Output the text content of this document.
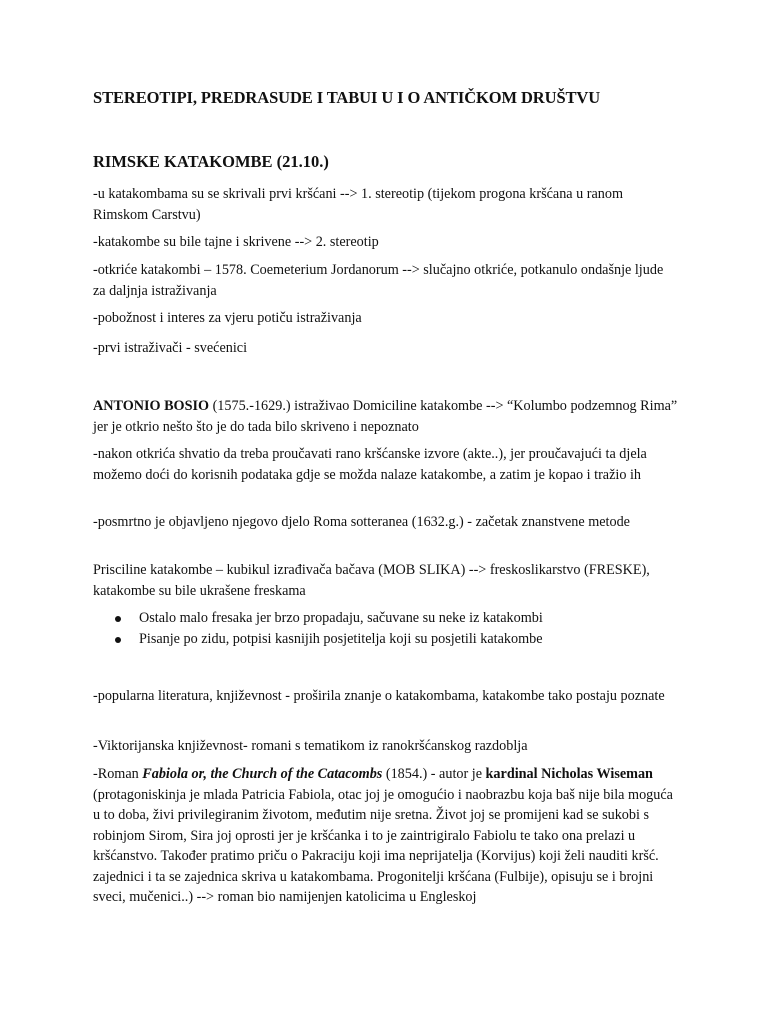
STEREOTIPI, PREDRASUDE I TABUI U I O ANTIČKOM DRUŠTVU
RIMSKE KATAKOMBE (21.10.)
-u katakombama su se skrivali prvi kršćani --> 1. stereotip (tijekom progona kršćana u ranom Rimskom Carstvu)
-katakombe su bile tajne i skrivene --> 2. stereotip
-otkriće katakombi – 1578. Coemeterium Jordanorum --> slučajno otkriće, potkanulo ondašnje ljude za daljnja istraživanja
-pobožnost i interes za vjeru potiču istraživanja
-prvi istraživači - svećenici
ANTONIO BOSIO (1575.-1629.) istraživao Domiciline katakombe --> “Kolumbo podzemnog Rima” jer je otkrio nešto što je do tada bilo skriveno i nepoznato
-nakon otkrića shvatio da treba proučavati rano kršćanske izvore (akte..), jer proučavajući ta djela možemo doći do korisnih podataka gdje se možda nalaze katakombe, a zatim je kopao i tražio ih
-posmrtno je objavljeno njegovo djelo Roma sotteranea (1632.g.) - začetak znanstvene metode
Prisciline katakombe – kubikul izrađivača bačava (MOB SLIKA) --> freskoslikarstvo (FRESKE), katakombe su bile ukrašene freskama
Ostalo malo fresaka jer brzo propadaju, sačuvane su neke iz katakombi
Pisanje po zidu, potpisi kasnijih posjetitelja koji su posjetili katakombe
-popularna literatura, književnost - proširila znanje o katakombama, katakombe tako postaju poznate
-Viktorijanska književnost- romani s tematikom iz ranokršćanskog razdoblja
-Roman Fabiola or, the Church of the Catacombs (1854.) - autor je kardinal Nicholas Wiseman (protagoniskinja je mlada Patricia Fabiola, otac joj je omogućio i naobrazbu koja baš nije bila moguća u to doba, živi privilegiranim životom, međutim nije sretna. Život joj se promijeni kad se sukobi s robinjom Sirom, Sira joj oprosti jer je kršćanka i to je zaintrigiralo Fabiolu te tako ona prelazi u kršćanstvo. Također pratimo priču o Pakraciju koji ima neprijatelja (Korvijus) koji želi nauditi kršć. zajednici i ta se zajednica skriva u katakombama. Progonitelji kršćana (Fulbije), opisuju se i brojni sveci, mučenici..) --> roman bio namijenjen katolicima u Engleskoj
